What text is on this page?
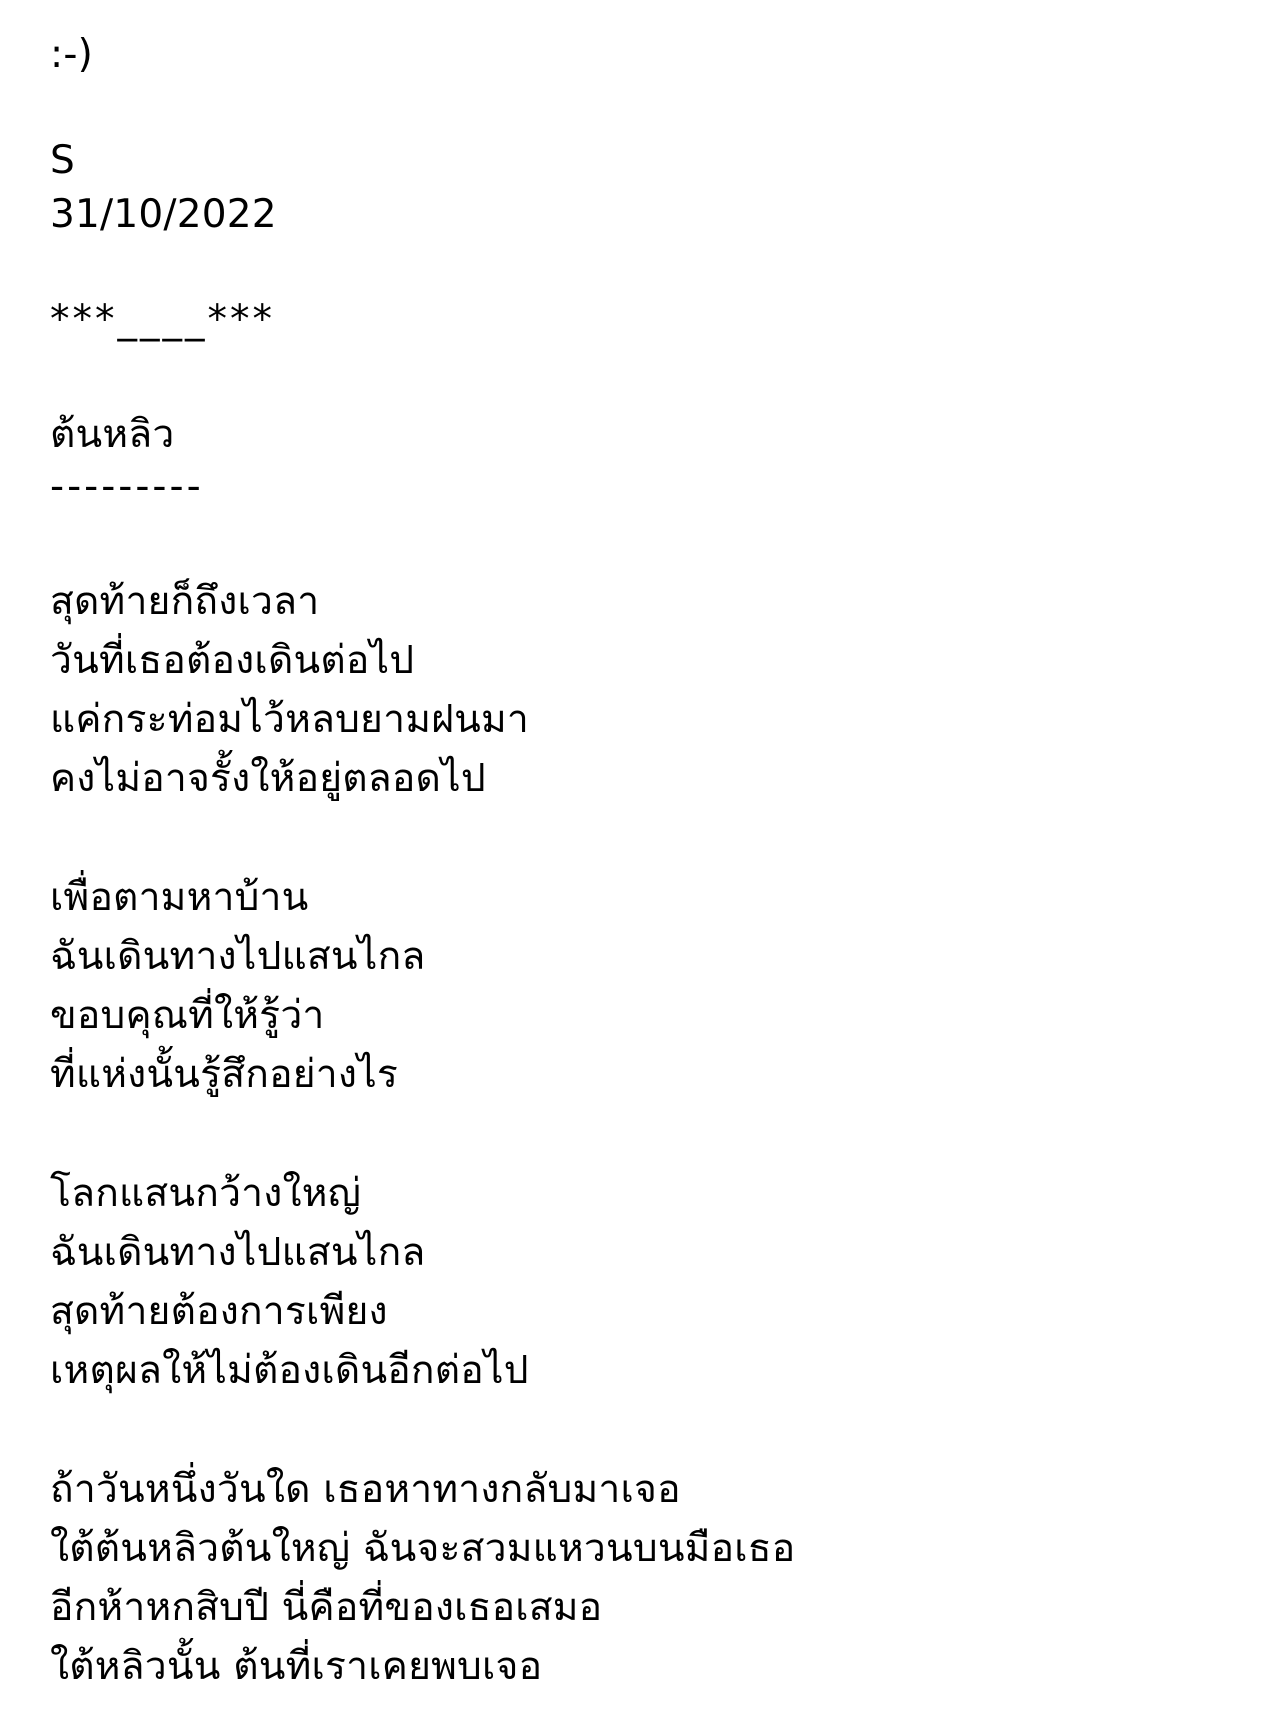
:-)
S
31/10/2022
***____***
ต้นหลิว
---------
สุดท้ายก็ถึงเวลา
วันที่เธอต้องเดินต่อไป
แค่กระท่อมไว้หลบยามฝนมา
คงไม่อาจรั้งให้อยู่ตลอดไป
เพื่อตามหาบ้าน
ฉันเดินทางไปแสนไกล
ขอบคุณที่ให้รู้ว่า
ที่แห่งนั้นรู้สึกอย่างไร
โลกแสนกว้างใหญ่
ฉันเดินทางไปแสนไกล
สุดท้ายต้องการเพียง
เหตุผลให้ไม่ต้องเดินอีกต่อไป
ถ้าวันหนึ่งวันใด เธอหาทางกลับมาเจอ
ใต้ต้นหลิวต้นใหญ่ ฉันจะสวมแหวนบนมือเธอ
อีกห้าหกสิบปี นี่คือที่ของเธอเสมอ
ใต้หลิวนั้น ต้นที่เราเคยพบเจอ
